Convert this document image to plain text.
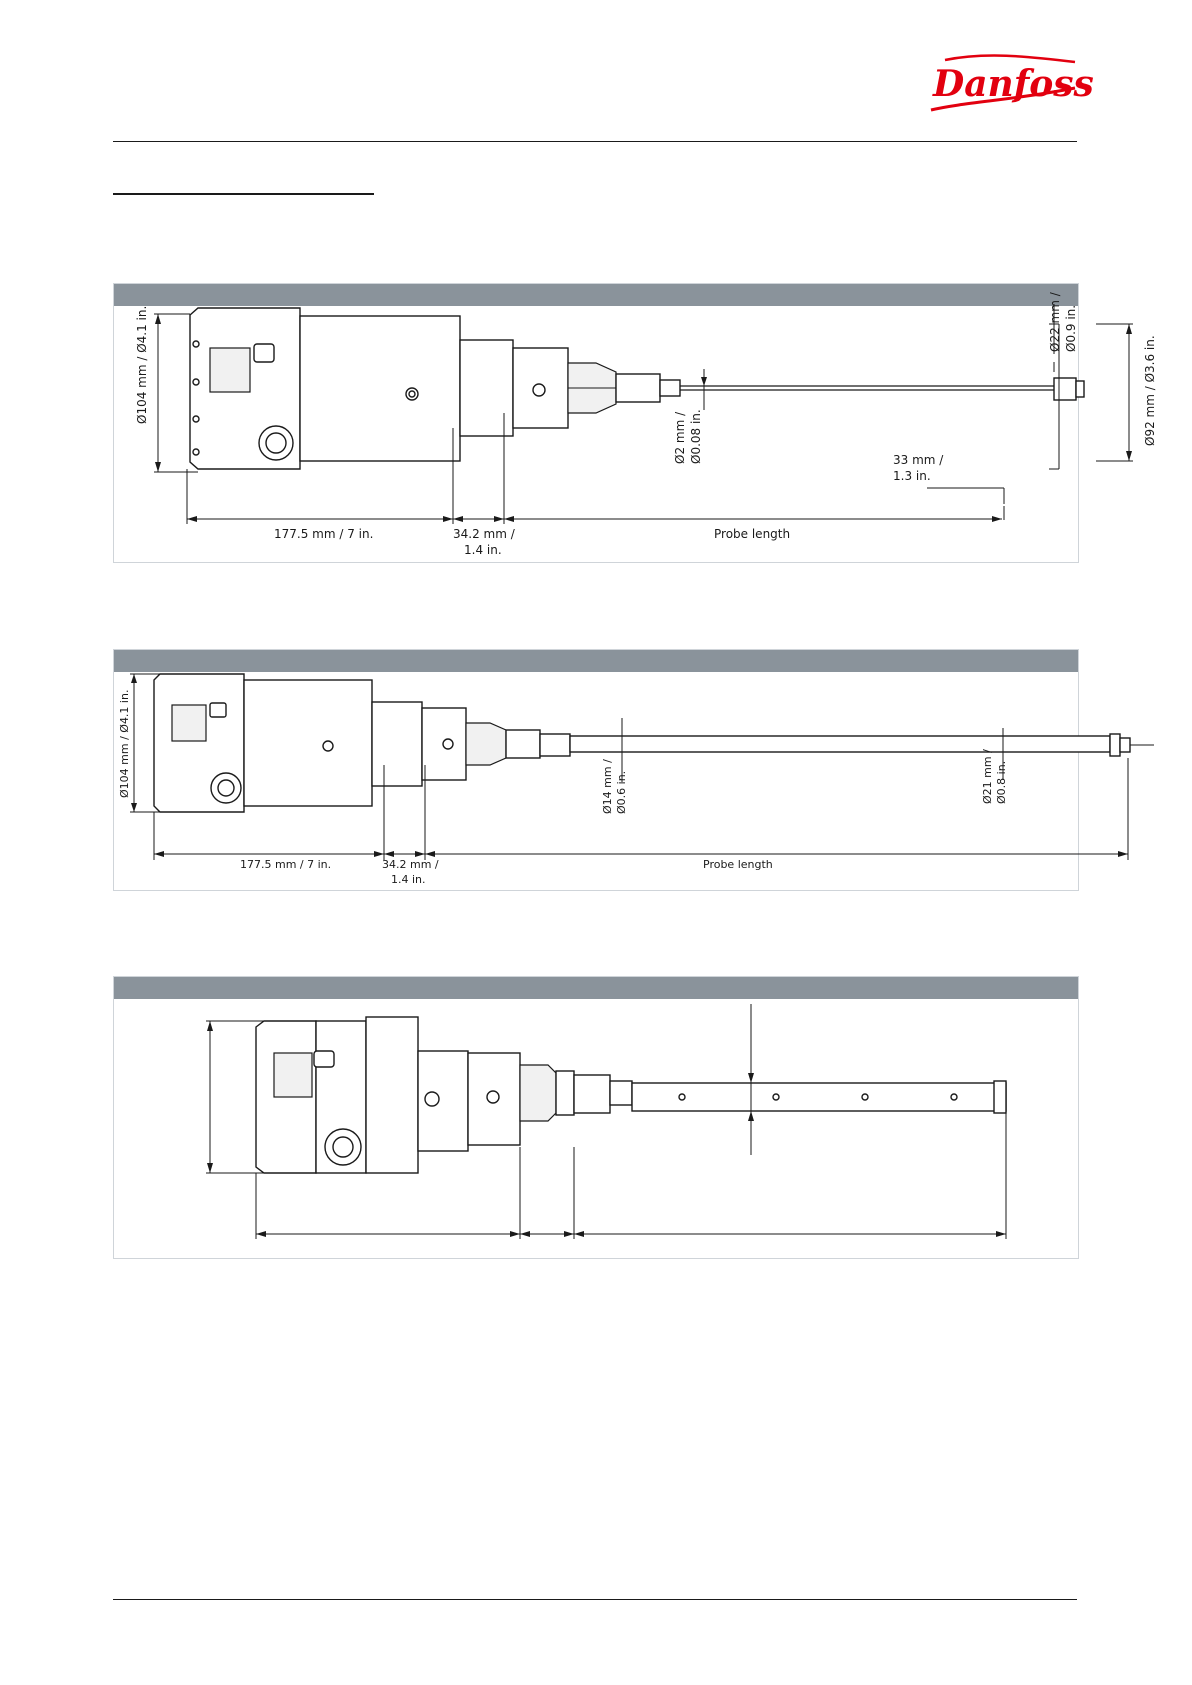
Danfoss
Ø104 mm / Ø4.1 in.	Ø22 mm / Ø0.9 in.
Ø92 mm / Ø3.6 in.
Ø2 mm / Ø0.08 in.	33 mm /
1.3 in.
177.5 mm / 7 in.	34.2 mm /
1.4 in.
Probe length
Ø104 mm / Ø4.1 in.	Ø14 mm / Ø0.6 in.	Ø21 mm / Ø0.8 in.
177.5 mm / 7 in.	34.2 mm /
1.4 in.
Probe length
